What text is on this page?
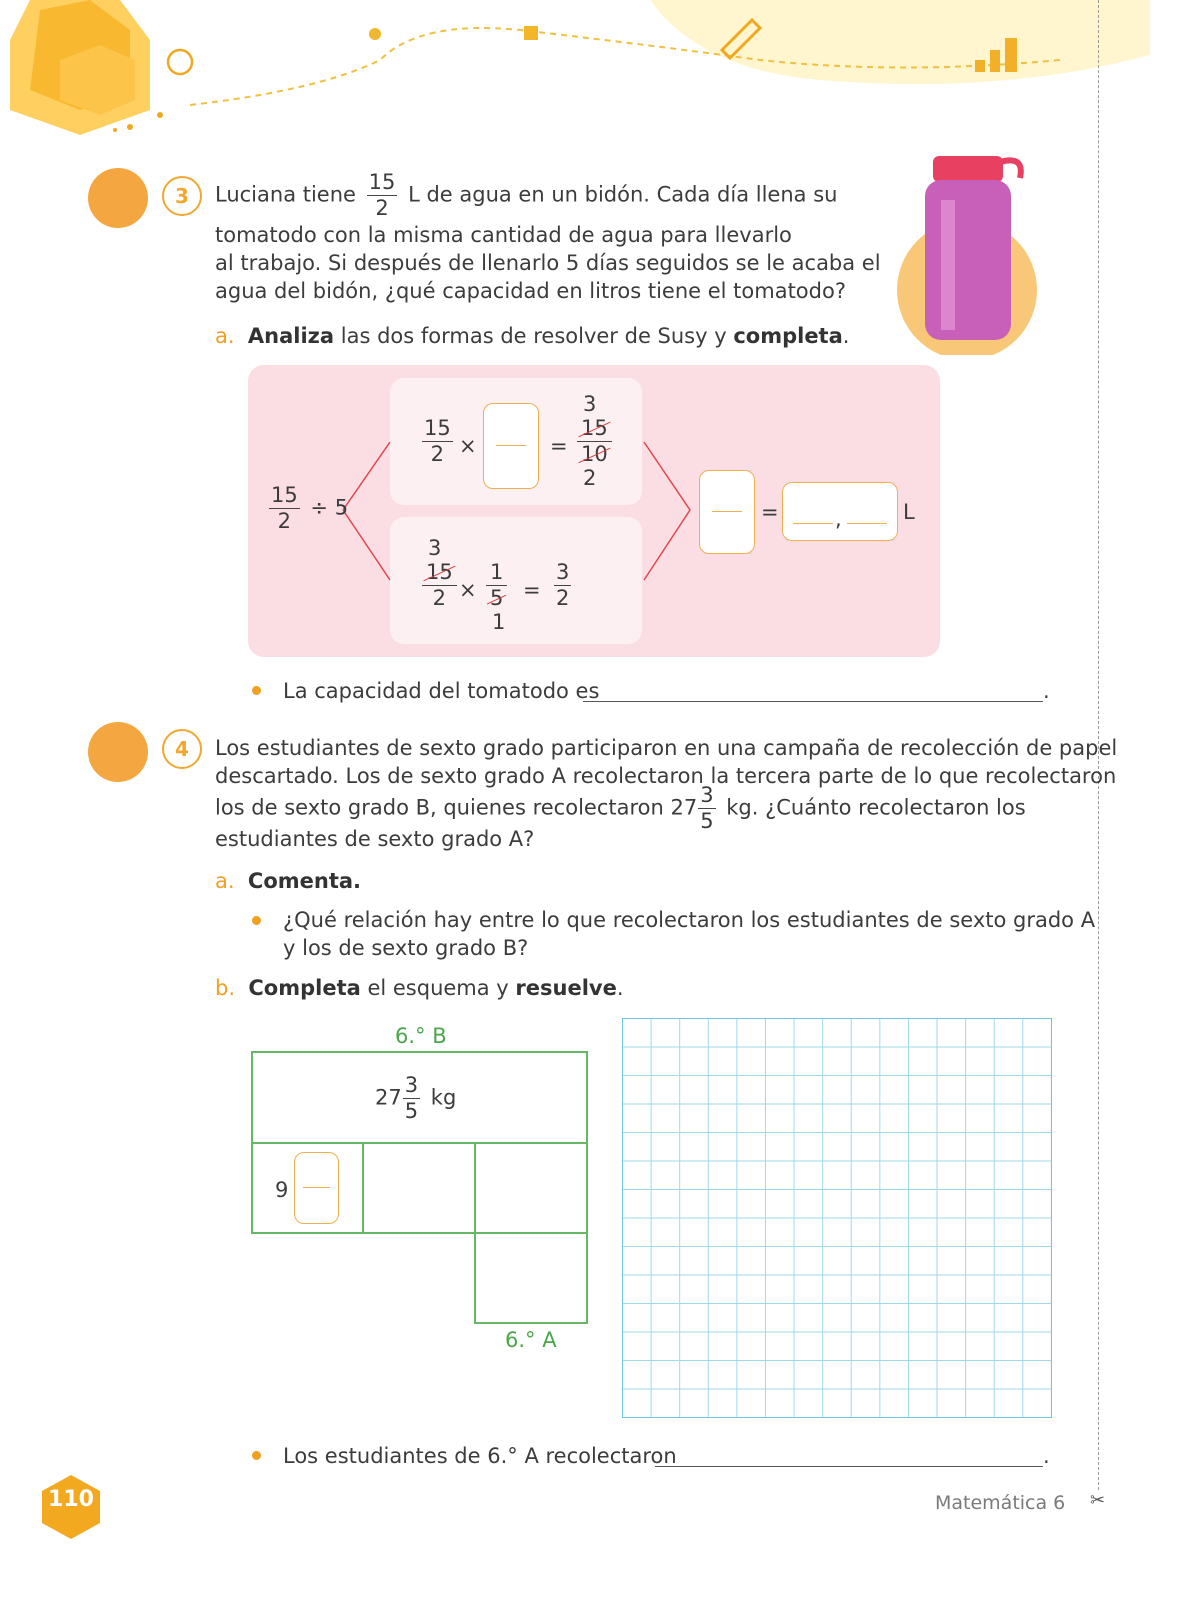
3	Luciana tiene $\frac{15}{2}$ L de agua en un bidón. Cada día llena su
tomatodo con la misma cantidad de agua para llevarlo
al trabajo. Si después de llenarlo 5 días seguidos se le acaba el
agua del bidón, ¿qué capacidad en litros tiene el tomatodo?
a. Analiza las dos formas de resolver de Susy y completa.
$\frac{15}{2} \div 5$
$\frac{15}{2}$ ×	=
3
$\frac{15}{10}$
2
3
$\frac{15}{2} \times \frac{1}{5}$
1
= $\frac{3}{2}$
=	,	L
La capacidad del tomatodo es	.
4	Los estudiantes de sexto grado participaron en una campaña de recolección de papel
descartado. Los de sexto grado A recolectaron la tercera parte de lo que recolectaron
los de sexto grado B, quienes recolectaron $27 \frac{3}{5}$ kg. ¿Cuánto recolectaron los
estudiantes de sexto grado A?
a. Comenta.
¿Qué relación hay entre lo que recolectaron los estudiantes de sexto grado A
y los de sexto grado B?
b. Completa el esquema y resuelve.
6.° B
$27 \frac{3}{5}$ kg
9
6.° A
Los estudiantes de 6.° A recolectaron	.
110	Matemática 6 ✂
